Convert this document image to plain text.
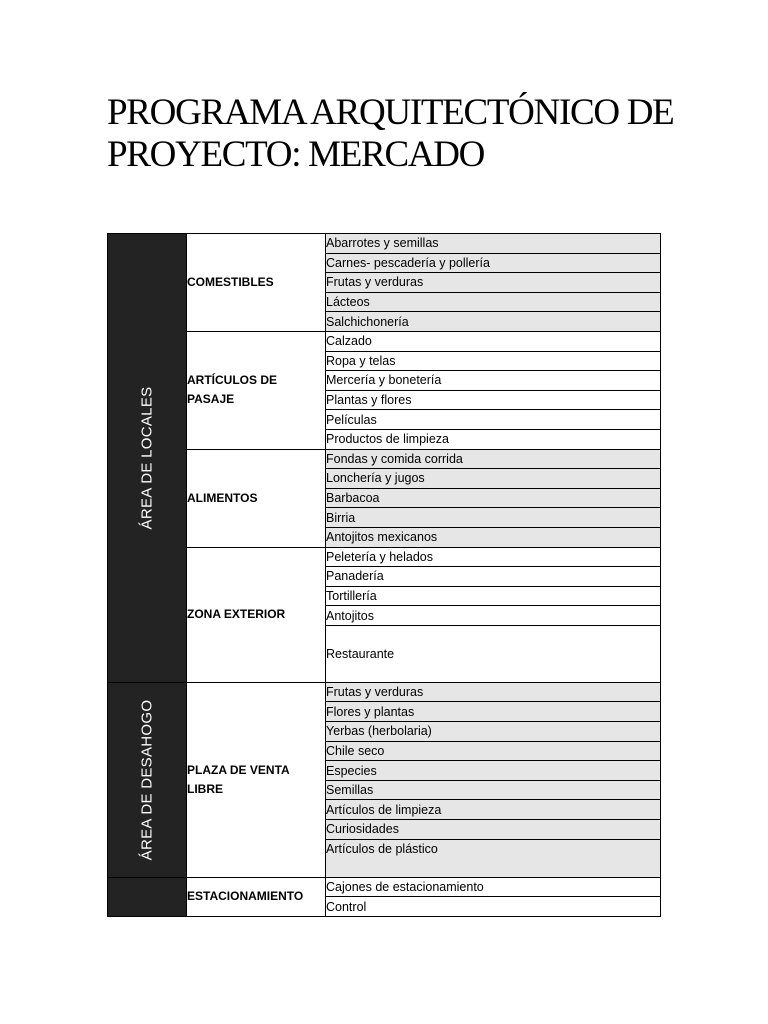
PROGRAMA ARQUITECTÓNICO DE
PROYECTO: MERCADO
ÁREA DE LOCALES	COMESTIBLES	Abarrotes y semillas
		Carnes- pescadería y pollería
		Frutas y verduras
		Lácteos
		Salchichonería
	ARTÍCULOS DE PASAJE	Calzado
		Ropa y telas
		Mercería y bonetería
		Plantas y flores
		Películas
		Productos de limpieza
	ALIMENTOS	Fondas y comida corrida
		Lonchería y jugos
		Barbacoa
		Birria
		Antojitos mexicanos
	ZONA EXTERIOR	Peletería y helados
		Panadería
		Tortillería
		Antojitos
		Restaurante

ÁREA DE DESAHOGO	PLAZA DE VENTA LIBRE	Frutas y verduras
		Flores y plantas
		Yerbas (herbolaria)
		Chile seco
		Especies
		Semillas
		Artículos de limpieza
		Curiosidades
		Artículos de plástico
	ESTACIONAMIENTO	Cajones de estacionamiento
		Control
